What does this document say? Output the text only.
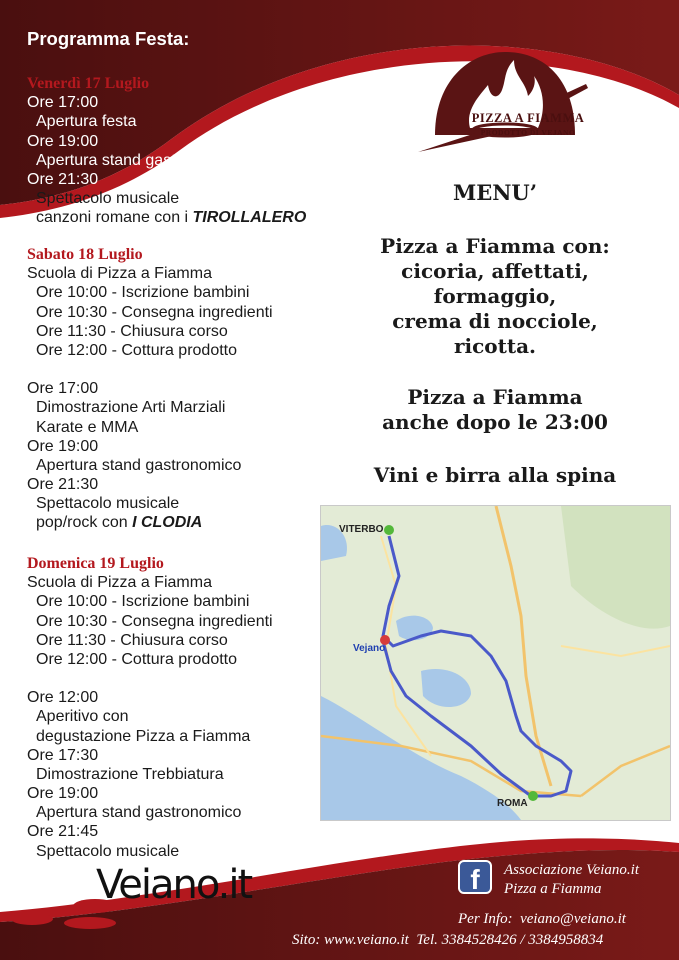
Programma Festa:
Venerdì 17 Luglio
Ore 17:00
Apertura festa
Ore 19:00
Apertura stand gastronomico
Ore 21:30
Spettacolo musicale
canzoni romane con i TIROLLALERO
Sabato 18 Luglio
Scuola di Pizza a Fiamma
Ore 10:00 - Iscrizione bambini
Ore 10:30 - Consegna ingredienti
Ore 11:30 - Chiusura corso
Ore 12:00 - Cottura prodotto
Ore 17:00
Dimostrazione Arti Marziali
Karate e MMA
Ore 19:00
Apertura stand gastronomico
Ore 21:30
Spettacolo musicale
pop/rock con I CLODIA
Domenica 19 Luglio
Scuola di Pizza a Fiamma
Ore 10:00 - Iscrizione bambini
Ore 10:30 - Consegna ingredienti
Ore 11:30 - Chiusura corso
Ore 12:00 - Cottura prodotto
Ore 12:00
Aperitivo con
degustazione Pizza a Fiamma
Ore 17:30
Dimostrazione Trebbiatura
Ore 19:00
Apertura stand gastronomico
Ore 21:45
Spettacolo musicale
PIZZA A FIAMMA
PRODOTTO DI VEJANO
MENU’
Pizza a Fiamma con:
cicoria, affettati,
formaggio,
crema di nocciole,
ricotta.
Pizza a Fiamma
anche dopo le 23:00
Vini e birra alla spina
VITERBO
Vejano
ROMA
Veiano.it	f	Associazione Veiano.it
Pizza a Fiamma
Per Info: veiano@veiano.it
Sito: www.veiano.it Tel. 3384528426 / 3384958834
